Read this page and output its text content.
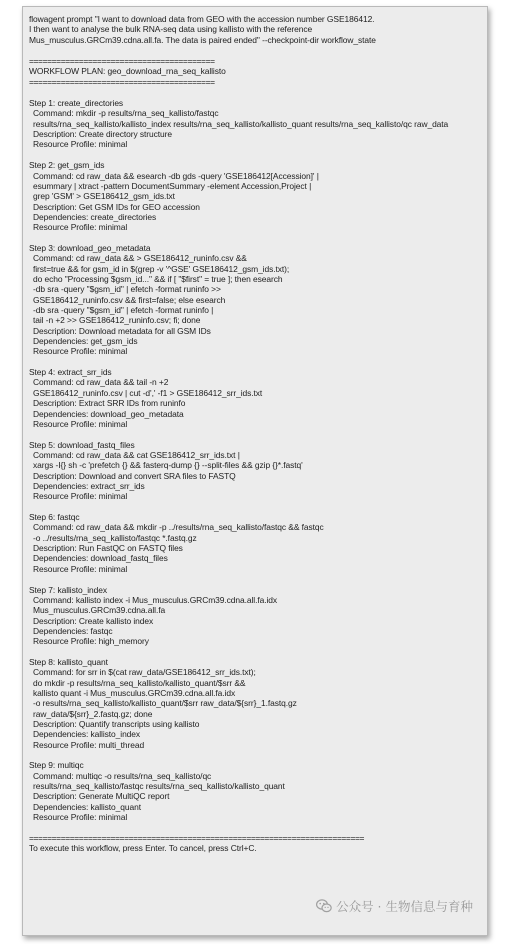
flowagent prompt "I want to download data from GEO with the accession number GSE186412.
I then want to analyse the bulk RNA-seq data using kallisto with the reference
Mus_musculus.GRCm39.cdna.all.fa. The data is paired ended" --checkpoint-dir workflow_state
=========================================
WORKFLOW PLAN: geo_download_rna_seq_kallisto
=========================================
Step 1: create_directories
Command: mkdir -p results/rna_seq_kallisto/fastqc
results/rna_seq_kallisto/kallisto_index results/rna_seq_kallisto/kallisto_quant results/rna_seq_kallisto/qc raw_data
Description: Create directory structure
Resource Profile: minimal
Step 2: get_gsm_ids
Command: cd raw_data && esearch -db gds -query 'GSE186412[Accession]' |
esummary | xtract -pattern DocumentSummary -element Accession,Project |
grep 'GSM' > GSE186412_gsm_ids.txt
Description: Get GSM IDs for GEO accession
Dependencies: create_directories
Resource Profile: minimal
Step 3: download_geo_metadata
Command: cd raw_data && > GSE186412_runinfo.csv &&
first=true && for gsm_id in $(grep -v '^GSE' GSE186412_gsm_ids.txt);
do echo "Processing $gsm_id..." && if [ "$first" = true ]; then esearch
-db sra -query "$gsm_id" | efetch -format runinfo >>
GSE186412_runinfo.csv && first=false; else esearch
-db sra -query "$gsm_id" | efetch -format runinfo |
tail -n +2 >> GSE186412_runinfo.csv; fi; done
Description: Download metadata for all GSM IDs
Dependencies: get_gsm_ids
Resource Profile: minimal
Step 4: extract_srr_ids
Command: cd raw_data && tail -n +2
GSE186412_runinfo.csv | cut -d',' -f1 > GSE186412_srr_ids.txt
Description: Extract SRR IDs from runinfo
Dependencies: download_geo_metadata
Resource Profile: minimal
Step 5: download_fastq_files
Command: cd raw_data && cat GSE186412_srr_ids.txt |
xargs -I{} sh -c 'prefetch {} && fasterq-dump {} --split-files && gzip {}*.fastq'
Description: Download and convert SRA files to FASTQ
Dependencies: extract_srr_ids
Resource Profile: minimal
Step 6: fastqc
Command: cd raw_data && mkdir -p ../results/rna_seq_kallisto/fastqc && fastqc
-o ../results/rna_seq_kallisto/fastqc *.fastq.gz
Description: Run FastQC on FASTQ files
Dependencies: download_fastq_files
Resource Profile: minimal
Step 7: kallisto_index
Command: kallisto index -i Mus_musculus.GRCm39.cdna.all.fa.idx
Mus_musculus.GRCm39.cdna.all.fa
Description: Create kallisto index
Dependencies: fastqc
Resource Profile: high_memory
Step 8: kallisto_quant
Command: for srr in $(cat raw_data/GSE186412_srr_ids.txt);
do mkdir -p results/rna_seq_kallisto/kallisto_quant/$srr &&
kallisto quant -i Mus_musculus.GRCm39.cdna.all.fa.idx
-o results/rna_seq_kallisto/kallisto_quant/$srr raw_data/${srr}_1.fastq.gz
raw_data/${srr}_2.fastq.gz; done
Description: Quantify transcripts using kallisto
Dependencies: kallisto_index
Resource Profile: multi_thread
Step 9: multiqc
Command: multiqc -o results/rna_seq_kallisto/qc
results/rna_seq_kallisto/fastqc results/rna_seq_kallisto/kallisto_quant
Description: Generate MultiQC report
Dependencies: kallisto_quant
Resource Profile: minimal
==========================================================================
To execute this workflow, press Enter. To cancel, press Ctrl+C.
公众号 · 生物信息与育种
